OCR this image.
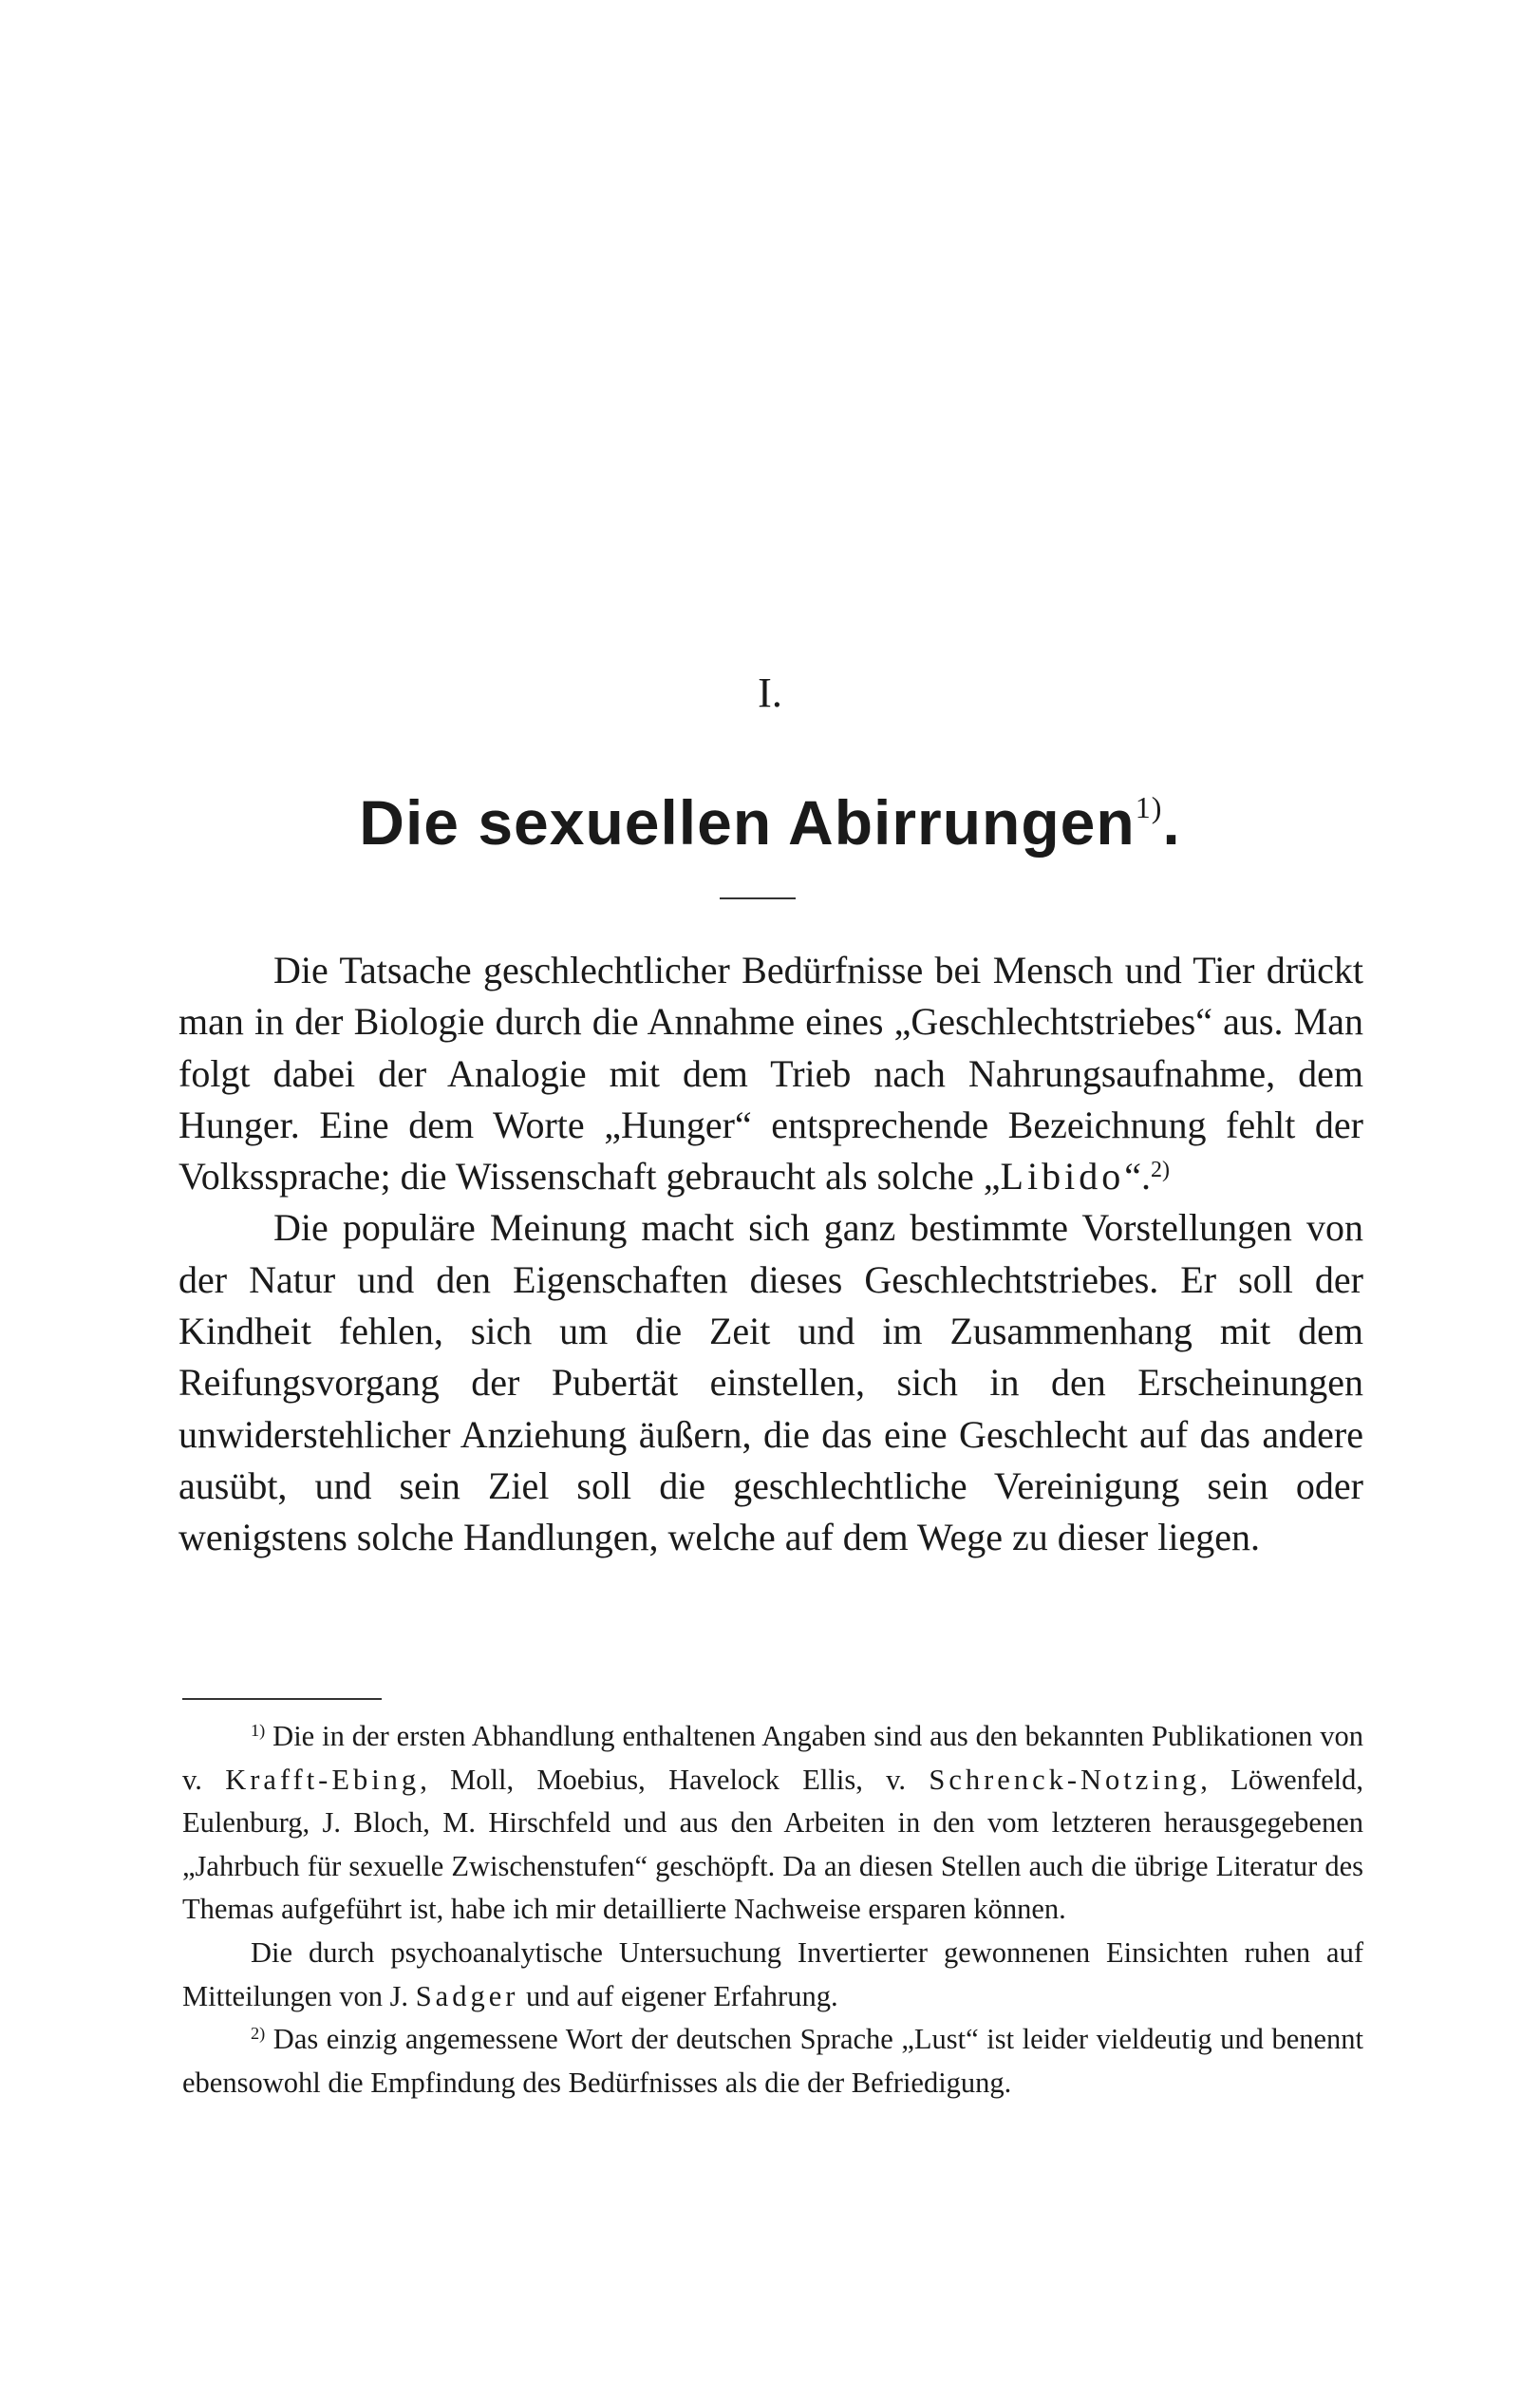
I.
Die sexuellen Abirrungen$^{1)}$.

Die Tatsache geschlechtlicher Bedürfnisse bei Mensch und Tier drückt man in der Biologie durch die Annahme eines „Geschlechtstriebes“ aus. Man folgt dabei der Analogie mit dem Trieb nach Nahrungsaufnahme, dem Hunger. Eine dem Worte „Hunger“ entsprechende Bezeichnung fehlt der Volkssprache; die Wissenschaft gebraucht als solche „Libido“.$^{2)}$

Die populäre Meinung macht sich ganz bestimmte Vorstellungen von der Natur und den Eigenschaften dieses Geschlechtstriebes. Er soll der Kindheit fehlen, sich um die Zeit und im Zusammenhang mit dem Reifungsvorgang der Pubertät einstellen, sich in den Erscheinungen unwiderstehlicher Anziehung äußern, die das eine Geschlecht auf das andere ausübt, und sein Ziel soll die geschlechtliche Vereinigung sein oder wenigstens solche Handlungen, welche auf dem Wege zu dieser liegen.

$^{1)}$ Die in der ersten Abhandlung enthaltenen Angaben sind aus den bekannten Publikationen von v. Krafft-Ebing, Moll, Moebius, Havelock Ellis, v. Schrenck-Notzing, Löwenfeld, Eulenburg, J. Bloch, M. Hirschfeld und aus den Arbeiten in den vom letzteren herausgegebenen „Jahrbuch für sexuelle Zwischenstufen“ geschöpft. Da an diesen Stellen auch die übrige Literatur des Themas aufgeführt ist, habe ich mir detaillierte Nachweise ersparen können.

Die durch psychoanalytische Untersuchung Invertierter gewonnenen Einsichten ruhen auf Mitteilungen von J. Sadger und auf eigener Erfahrung.

$^{2)}$ Das einzig angemessene Wort der deutschen Sprache „Lust“ ist leider vieldeutig und benennt ebensowohl die Empfindung des Bedürfnisses als die der Befriedigung.
